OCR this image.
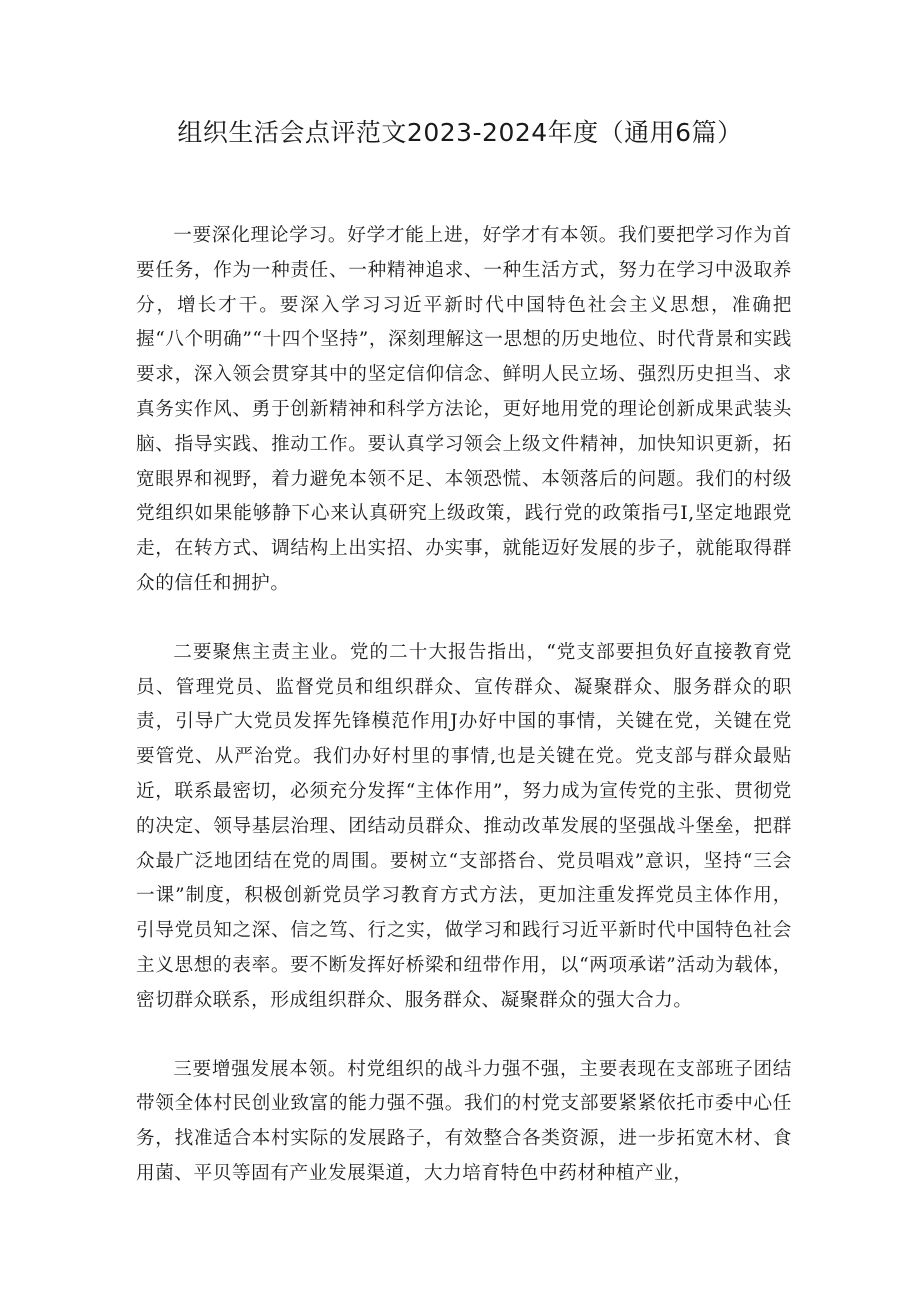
组织生活会点评范文2023-2024年度（通用6篇）

一要深化理论学习。好学才能上进，好学才有本领。我们要把学习作为首要任务，作为一种责任、一种精神追求、一种生活方式，努力在学习中汲取养分，增长才干。要深入学习习近平新时代中国特色社会主义思想，准确把握“八个明确”“十四个坚持”，深刻理解这一思想的历史地位、时代背景和实践要求，深入领会贯穿其中的坚定信仰信念、鲜明人民立场、强烈历史担当、求真务实作风、勇于创新精神和科学方法论，更好地用党的理论创新成果武装头脑、指导实践、推动工作。要认真学习领会上级文件精神，加快知识更新，拓宽眼界和视野，着力避免本领不足、本领恐慌、本领落后的问题。我们的村级党组织如果能够静下心来认真研究上级政策，践行党的政策指弓I,坚定地跟党走，在转方式、调结构上出实招、办实事，就能迈好发展的步子，就能取得群众的信任和拥护。

二要聚焦主责主业。党的二十大报告指出，“党支部要担负好直接教育党员、管理党员、监督党员和组织群众、宣传群众、凝聚群众、服务群众的职责，引导广大党员发挥先锋模范作用J办好中国的事情，关键在党，关键在党要管党、从严治党。我们办好村里的事情,也是关键在党。党支部与群众最贴近，联系最密切，必须充分发挥“主体作用”，努力成为宣传党的主张、贯彻党的决定、领导基层治理、团结动员群众、推动改革发展的坚强战斗堡垒，把群众最广泛地团结在党的周围。要树立“支部搭台、党员唱戏”意识，坚持“三会一课”制度，积极创新党员学习教育方式方法，更加注重发挥党员主体作用，引导党员知之深、信之笃、行之实，做学习和践行习近平新时代中国特色社会主义思想的表率。要不断发挥好桥梁和纽带作用，以“两项承诺”活动为载体，密切群众联系，形成组织群众、服务群众、凝聚群众的强大合力。

三要增强发展本领。村党组织的战斗力强不强，主要表现在支部班子团结带领全体村民创业致富的能力强不强。我们的村党支部要紧紧依托市委中心任务，找准适合本村实际的发展路子，有效整合各类资源，进一步拓宽木材、食用菌、平贝等固有产业发展渠道，大力培育特色中药材种植产业，
